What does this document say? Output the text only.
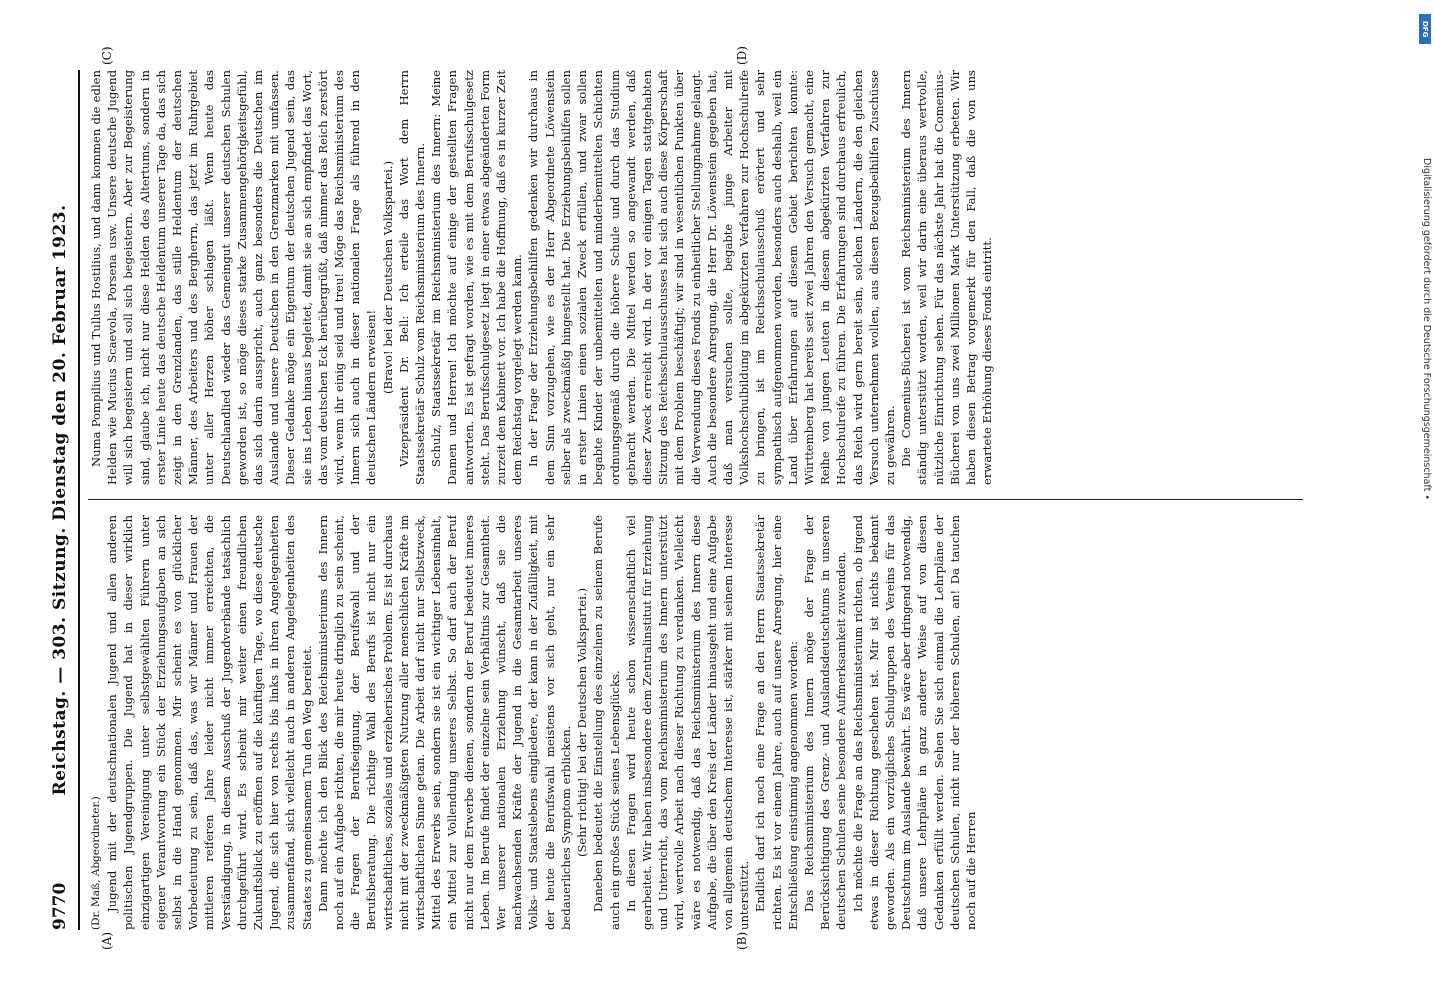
9770
Reichstag. — 303. Sitzung. Dienstag den 20. Februar 1923.
(A)	(B)
(C)	(D)

(Dr. Maß, Abgeordneter.) Jugend mit der deutschnationalen Jugend und allen anderen politischen Jugendgruppen. Die Jugend hat in dieser wirklich einzigartigen Vereinigung unter selbstgewählten Führern unter eigener Verantwortung ein Stück der Erziehungsaufgaben an sich selbst in die Hand genommen. Mir scheint es von glücklicher Vorbedeutung zu sein, daß das, was wir Männer und Frauen der mittleren reiferen Jahre leider nicht immer erreichten, die Verständigung, in diesem Ausschuß der Jugendverbände tatsächlich durchgeführt wird. Es scheint mir weiter einen freundlichen Zukunftsblick zu eröffnen auf die künftigen Tage, wo diese deutsche Jugend, die sich hier von rechts bis links in ihren Angelegenheiten zusammenfand, sich vielleicht auch in anderen Angelegenheiten des Staates zu gemeinsamem Tun den Weg bereitet. Dann möchte ich den Blick des Reichsministeriums des Innern noch auf ein Aufgabe richten, die mir heute dringlich zu sein scheint, die Fragen der Berufseignung, der Berufswahl und der Berufsberatung. Die richtige Wahl des Berufs ist nicht nur ein wirtschaftliches, soziales und erzieherisches Problem. Es ist durchaus nicht mit der zweckmäßigsten Nutzung aller menschlichen Kräfte im wirtschaftlichen Sinne getan. Die Arbeit darf nicht nur Selbstzweck, Mittel des Erwerbs sein, sondern sie ist ein wichtiger Lebensinhalt, ein Mittel zur Vollendung unseres Selbst. So darf auch der Beruf nicht nur dem Erwerbe dienen, sondern der Beruf bedeutet inneres Leben. Im Berufe findet der einzelne sein Verhältnis zur Gesamtheit. Wer unserer nationalen Erziehung wünscht, daß sie die nachwachsenden Kräfte der Jugend in die Gesamtarbeit unseres Volks- und Staatslebens eingliedere, der kann in der Zufälligkeit, mit der heute die Berufswahl meistens vor sich geht, nur ein sehr bedauerliches Symptom erblicken. (Sehr richtig! bei der Deutschen Volkspartei.) Daneben bedeutet die Einstellung des einzelnen zu seinem Berufe auch ein großes Stück seines Lebensglücks. In diesen Fragen wird heute schon wissenschaftlich viel gearbeitet. Wir haben insbesondere dem Zentralinstitut für Erziehung und Unterricht, das vom Reichsministerium des Innern unterstützt wird, wertvolle Arbeit nach dieser Richtung zu verdanken. Vielleicht wäre es notwendig, daß das Reichsministerium des Innern diese Aufgabe, die über den Kreis der Länder hinausgeht und eine Aufgabe von allgemein deutschem Interesse ist, stärker mit seinem Interesse unterstützt. Endlich darf ich noch eine Frage an den Herrn Staatssekretär richten. Es ist vor einem Jahre, auch auf unsere Anregung, hier eine Entschließung einstimmig angenommen worden: Das Reichsministerium des Innern möge der Frage der Berücksichtigung des Grenz- und Auslandsdeutschtums in unseren deutschen Schulen seine besondere Aufmerksamkeit zuwenden. Ich möchte die Frage an das Reichsministerium richten, ob irgend etwas in dieser Richtung geschehen ist. Mir ist nichts bekannt geworden. Als ein vorzügliches Schulgruppen des Vereins für das Deutschtum im Auslande bewährt. Es wäre aber dringend notwendig, daß unsere Lehrpläne in ganz anderer Weise auf von diesen Gedanken erfüllt werden. Sehen Sie sich einmal die Lehrpläne der deutschen Schulen, nicht nur der höheren Schulen, an! Da tauchen noch auf die Herren

Numa Pompilius und Tullus Hostilius, und dann kommen die edlen Helden wie Mucius Scaevola, Porsena usw. Unsere deutsche Jugend will sich begeistern und soll sich begeistern. Aber zur Begeisterung sind, glaube ich, nicht nur diese Helden des Altertums, sondern in erster Linie heute das deutsche Heldentum unserer Tage da, das sich zeigt in den Grenzlanden, das stille Heldentum der deutschen Männer, des Arbeiters und des Bergherrn, das jetzt im Ruhrgebiet unter aller Herzen höher schlagen läßt. Wenn heute das Deutschlandlied wieder das Gemeingut unserer deutschen Schulen geworden ist, so möge dieses starke Zusammengehörigkeitsgefühl, das sich darin ausspricht, auch ganz besonders die Deutschen im Auslande und unsere Deutschen in den Grenzmarken mit umfassen. Dieser Gedanke möge ein Eigentum der deutschen Jugend sein, das sie ins Leben hinaus begleitet, damit sie an sich empfindet das Wort, das vom deutschen Eck herübergrüßt, daß nimmer das Reich zerstört wird, wenn ihr einig seid und treu! Möge das Reichsministerium des Innern sich auch in dieser nationalen Frage als führend in den deutschen Ländern erweisen!

(Bravo! bei der Deutschen Volkspartei.) Vizepräsident Dr. Bell: Ich erteile das Wort dem Herrn Staatssekretär Schulz vom Reichsministerium des Innern. Schulz, Staatssekretär im Reichsministerium des Innern: Meine Damen und Herren! Ich möchte auf einige der gestellten Fragen antworten. Es ist gefragt worden, wie es mit dem Berufsschulgesetz steht. Das Berufsschulgesetz liegt in einer etwas abgeänderten Form zurzeit dem Kabinett vor. Ich habe die Hoffnung, daß es in kurzer Zeit dem Reichstag vorgelegt werden kann. In der Frage der Erziehungsbeihilfen gedenken wir durchaus in dem Sinn vorzugehen, wie es der Herr Abgeordnete Löwenstein selber als zweckmäßig hingestellt hat. Die Erziehungsbeihilfen sollen in erster Linien einen sozialen Zweck erfüllen, und zwar sollen begabte Kinder der unbemittelten und minderbemittelten Schichten ordnungsgemäß durch die höhere Schule und durch das Studium gebracht werden. Die Mittel werden so angewandt werden, daß dieser Zweck erreicht wird. In der vor einigen Tagen stattgehabten Sitzung des Reichsschulausschusses hat sich auch diese Körperschaft mit dem Problem beschäftigt; wir sind in wesentlichen Punkten über die Verwendung dieses Fonds zu einheitlicher Stellungnahme gelangt. Auch die besondere Anregung, die Herr Dr. Löwenstein gegeben hat, daß man versuchen sollte, begabte junge Arbeiter mit Volkshochschulbildung im abgekürzten Verfahren zur Hochschulreife zu bringen, ist im Reichsschulausschuß erörtert und sehr sympathisch aufgenommen worden, besonders auch deshalb, weil ein Land über Erfahrungen auf diesem Gebiet berichten konnte: Württemberg hat bereits seit zwei Jahren den Versuch gemacht, eine Reihe von jungen Leuten in diesem abgekürzten Verfahren zur Hochschulreife zu führen. Die Erfahrungen sind durchaus erfreulich, das Reich wird gern bereit sein, solchen Ländern, die den gleichen Versuch unternehmen wollen, aus diesen Bezugsbeihilfen Zuschüsse zu gewähren. Die Comenius-Bücherei ist vom Reichsministerium des Innern ständig unterstützt worden, weil wir darin eine überaus wertvolle, nützliche Einrichtung sehen. Für das nächste Jahr hat die Comenius-Bücherei von uns zwei Millionen Mark Unterstützung erbeten. Wir haben diesen Betrag vorgemerkt für den Fall, daß die von uns erwartete Erhöhung dieses Fonds eintritt.

DFG
Digitalisierung gefördert durch die Deutsche Forschungsgemeinschaft •
